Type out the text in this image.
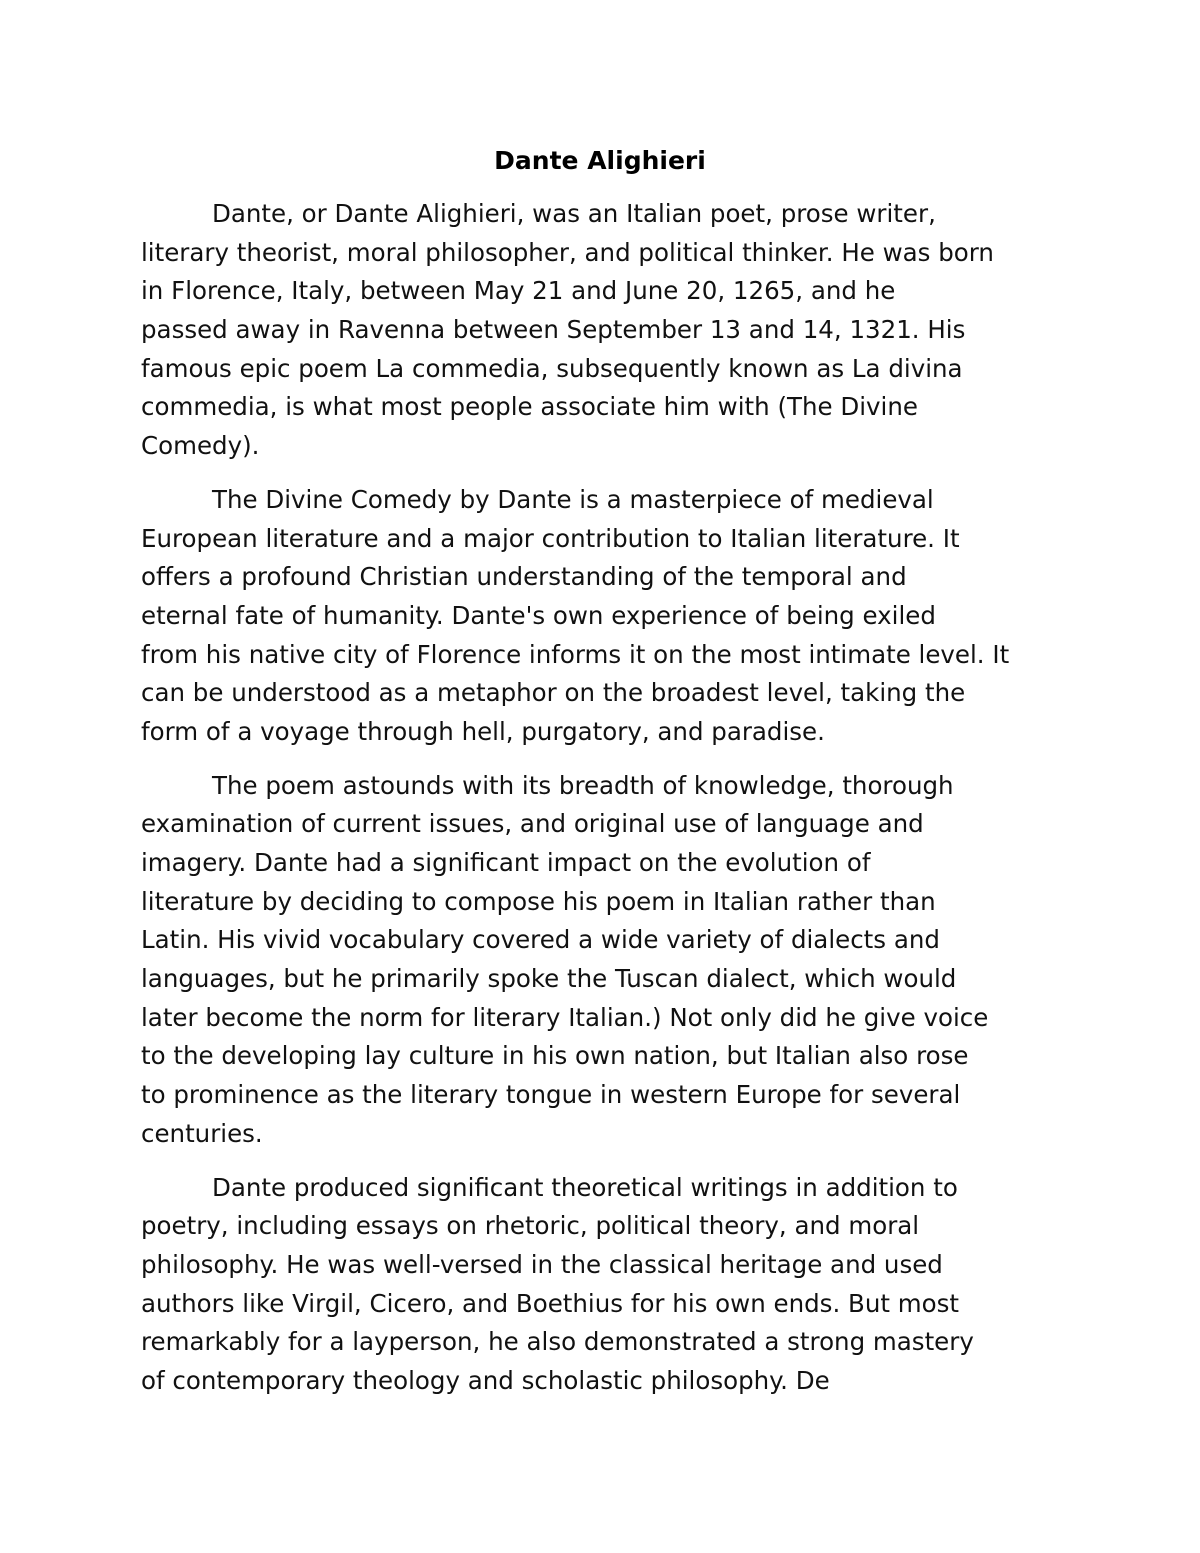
Dante Alighieri
Dante, or Dante Alighieri, was an Italian poet, prose writer,
literary theorist, moral philosopher, and political thinker. He was born
in Florence, Italy, between May 21 and June 20, 1265, and he
passed away in Ravenna between September 13 and 14, 1321. His
famous epic poem La commedia, subsequently known as La divina
commedia, is what most people associate him with (The Divine
Comedy).
The Divine Comedy by Dante is a masterpiece of medieval
European literature and a major contribution to Italian literature. It
offers a profound Christian understanding of the temporal and
eternal fate of humanity. Dante's own experience of being exiled
from his native city of Florence informs it on the most intimate level. It
can be understood as a metaphor on the broadest level, taking the
form of a voyage through hell, purgatory, and paradise.
The poem astounds with its breadth of knowledge, thorough
examination of current issues, and original use of language and
imagery. Dante had a significant impact on the evolution of
literature by deciding to compose his poem in Italian rather than
Latin. His vivid vocabulary covered a wide variety of dialects and
languages, but he primarily spoke the Tuscan dialect, which would
later become the norm for literary Italian.) Not only did he give voice
to the developing lay culture in his own nation, but Italian also rose
to prominence as the literary tongue in western Europe for several
centuries.
Dante produced significant theoretical writings in addition to
poetry, including essays on rhetoric, political theory, and moral
philosophy. He was well-versed in the classical heritage and used
authors like Virgil, Cicero, and Boethius for his own ends. But most
remarkably for a layperson, he also demonstrated a strong mastery
of contemporary theology and scholastic philosophy. De
